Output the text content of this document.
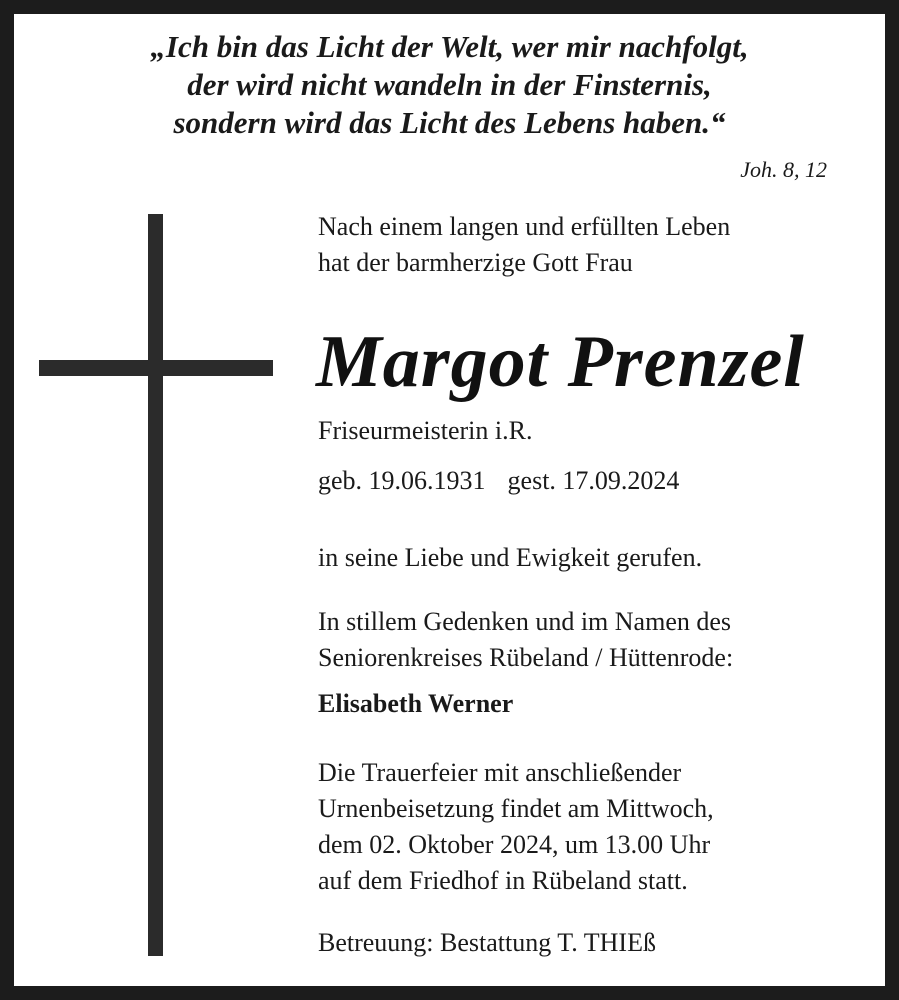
„Ich bin das Licht der Welt, wer mir nachfolgt,
der wird nicht wandeln in der Finsternis,
sondern wird das Licht des Lebens haben.“
Joh. 8, 12
Nach einem langen und erfüllten Leben
hat der barmherzige Gott Frau
Margot Prenzel
Friseurmeisterin i.R.
geb. 19.06.1931 gest. 17.09.2024
in seine Liebe und Ewigkeit gerufen.
In stillem Gedenken und im Namen des
Seniorenkreises Rübeland / Hüttenrode:
Elisabeth Werner
Die Trauerfeier mit anschließender
Urnenbeisetzung findet am Mittwoch,
dem 02. Oktober 2024, um 13.00 Uhr
auf dem Friedhof in Rübeland statt.
Betreuung: Bestattung T. THIEß
